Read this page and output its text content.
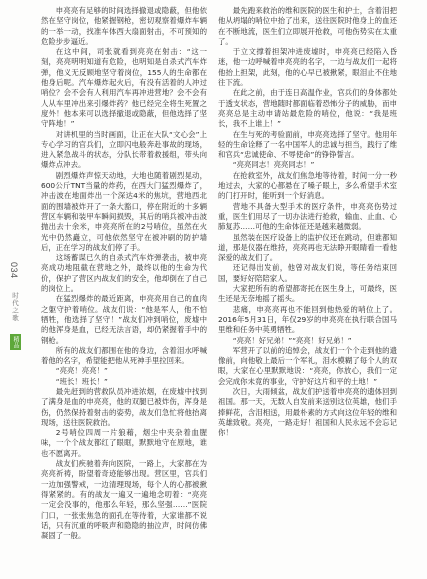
034
时代之歌
精品

申亮亮有足够的时间选择撤退或隐蔽，但他依然在坚守岗位，他紧握钢枪，密切观察着爆炸车辆的一举一动，找准车体西大扇面射击，不可预知的危险步步逼近。

在这中间，司张就看到亮亮在射击：“这一刻，亮亮明明知道有危险，也明知是自杀式汽车炸弹，他义无反顾地坚守着岗位，155人的生命都在他身后呢。汽车爆炸起火后，有没有活着的人冲过哨位？会不会有人利用汽车再冲进营地？会不会有人从车里冲出来引爆炸药？他已经完全将生死置之度外！他本来可以选择撤退或隐蔽，但他选择了坚守阵地！”

对讲机里的当时画面，让正在大队“文心会”上专心学习的官兵们，立即闪电般奔赴事故的现场，进入紧急战斗的状态，分队长带着救援组，带头向爆炸点冲去。

剧烈爆炸声惊天动地，大地也随着剧烈晃动，600公斤TNT当量的炸药，在西大门猛烈爆炸了，冲击波在地面炸出一个深达4米的焦坑，营地西北面的围墙被炸开了一条大豁口，停在附近的十多辆营区车辆和装甲车瞬间损毁，其后的哨兵被冲击波抛出去十余米，申亮亮所在的2号哨位，虽然在火光中仍然矗立，可他依然坚守在被冲刷的防护墙后，正在学习的战友们停了手。

这场蓄谋已久的自杀式汽车炸弹袭击，被申亮亮成功地阻截在营地之外，最终以他的生命为代价，保护了营区内战友们的安全，他却倒在了自己的岗位上。

在猛烈爆炸的最近距离，申亮亮用自己的血肉之躯守护着哨位。战友们说：“他是军人，他不怕牺牲，他选择了坚守！”战友们冲到哨位，废墟中的他浑身是血，已经无法言语，却仍紧握着手中的钢枪。

所有的战友们都围在他的身边，含着泪水呼喊着他的名字，希望能把他从死神手里拉回来。

“亮亮！亮亮！”

“班长！班长！”

最先赶到的营救队员冲进浓烟，在废墟中找到了满身是血的申亮亮，他的双腿已被炸伤，浑身是伤，仍然保持着射击的姿势，战友们急忙将他抬离现场，送往医院救治。

2号哨位四周一片狼藉，烟尘中夹杂着血腥味，一个个战友都红了眼眶，默默地守在原地，谁也不愿离开。

战友们疾驰着奔向医院，一路上，大家都在为亮亮祈祷，盼望着奇迹能够出现。营区里，官兵们一边加强警戒，一边清理现场，每个人的心都被揪得紧紧的。有的战友一遍又一遍地念叨着：“亮亮一定会没事的，他那么年轻，那么坚强……”医院门口，一张张焦急的面孔在等待着，大家谁都不说话，只有沉重的呼吸声和隐隐的抽泣声，时间仿佛凝固了一般。

最先跑来救治的维和医院的医生和护士，含着泪把他从坍塌的哨位中抬了出来，送往医院时他身上的血还在不断地流，医生们立即展开抢救，可他伤势实在太重了。

于立文撑着担架冲进废墟时，申亮亮已经陷入昏迷，他一边呼喊着申亮亮的名字，一边与战友们一起将他抬上担架，此刻，他的心早已被揪紧，眼泪止不住地往下流。

在此之前，由于连日高温作业，官兵们的身体都处于透支状态，营地随时都面临着恐怖分子的威胁，而申亮亮总是主动申请站最危险的哨位，他说：“我是班长，我不上谁上！”

在生与死的考验面前，申亮亮选择了坚守。他用年轻的生命诠释了一名中国军人的忠诚与担当，践行了维和官兵“忠诚使命、不辱使命”的铮铮誓言。

“亮亮同志！亮亮同志！”

在抢救室外，战友们焦急地等待着，时间一分一秒地过去，大家的心都悬在了嗓子眼上，多么希望手术室的门打开时，能听到一个好消息。

营地不具备大型手术的医疗条件，申亮亮伤势过重，医生们用尽了一切办法进行抢救，输血、止血、心肺复苏……可他的生命体征还是越来越微弱。

虽然装在医疗设备上的监护仪还在跳动，但谁都知道，那是仪器在维持，亮亮再也无法睁开眼睛看一看他深爱的战友们了。

还记得出发前，他曾对战友们说，等任务结束回国，要好好陪陪家人。

大家把所有的希望都寄托在医生身上，可最终，医生还是无奈地摇了摇头。

悲痛，申亮亮再也不能回到他热爱的哨位上了。2016年5月31日，年仅29岁的申亮亮在执行联合国马里维和任务中英勇牺牲。

“亮亮！好兄弟！”“亮亮！好兄弟！”

军营开了以前的追悼会，战友们一个个走到他的遗像前，向他敬上最后一个军礼，泪水模糊了每个人的双眼，大家在心里默默地说：“亮亮，你放心，我们一定会完成你未竟的事业，守护好这片和平的土地！”

次日，大雨倾盆，战友们护送着申亮亮的遗体回到祖国。那一天，无数人自发前来送别这位英雄，他们手捧鲜花，含泪相送，用最朴素的方式向这位年轻的维和英雄致敬。亮亮，一路走好！祖国和人民永远不会忘记你！
